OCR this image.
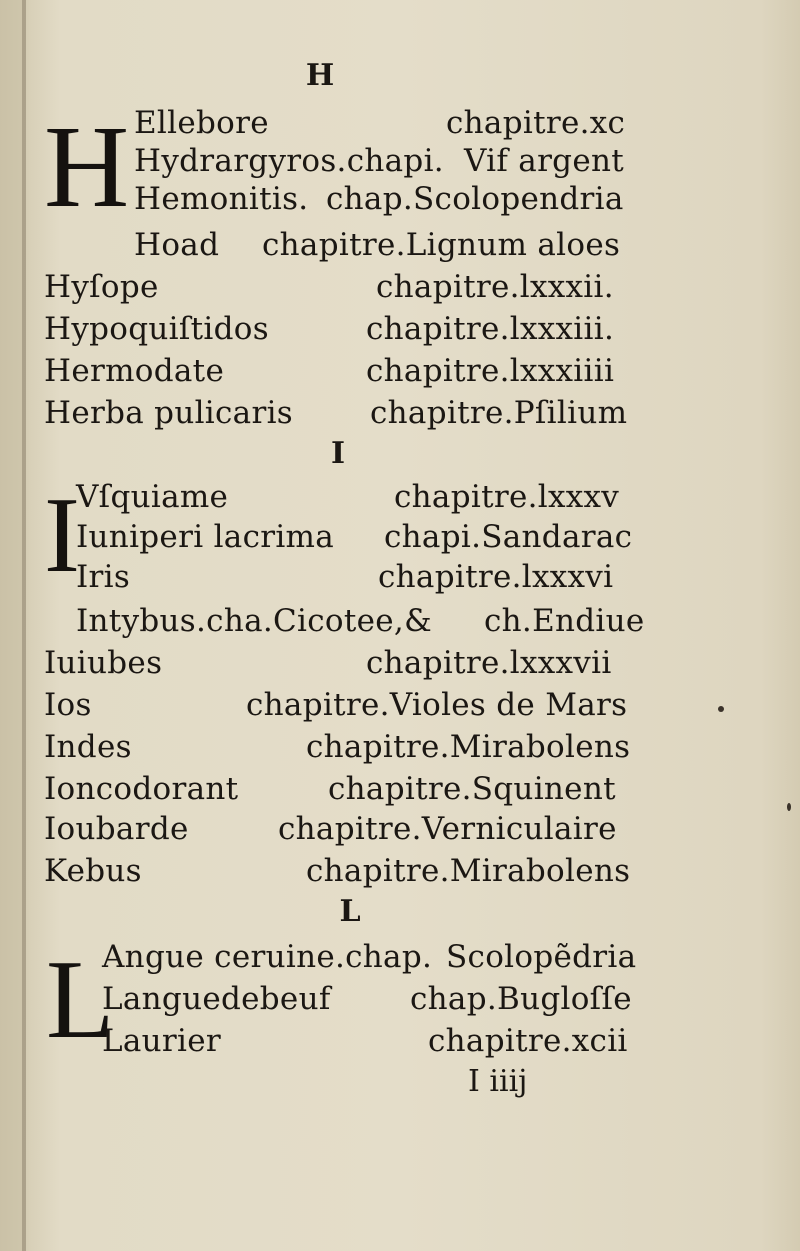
H
H Ellebore	chapitre.xc
Hydrargyros.chapi. Vif argent
Hemonitis. chap.Scolopendria
Hoad chapitre.Lignum aloes
Hyſope	chapitre.lxxxii.
Hypoquiſtidos	chapitre.lxxxiii.
Hermodate	chapitre.lxxxiiii
Herba pulicaris chapitre.Pſilium
I
I
Vſquiame	chapitre.lxxxv
Iuniperi lacrima chapi.Sandarac
Iris	chapitre.lxxxvi
Intybus.cha.Cicotee,& ch.Endiue
Iuiubes	chapitre.lxxxvii
Ios	chapitre.Violes de Mars
Indes	chapitre.Mirabolens
Ioncodorant	chapitre.Squinent
Ioubarde	chapitre.Verniculaire
Kebus	chapitre.Mirabolens
L
L
Angue ceruine.chap. Scolopẽdria
Languedebeuf	chap.Bugloſſe
Laurier	chapitre.xcii
I iiij
